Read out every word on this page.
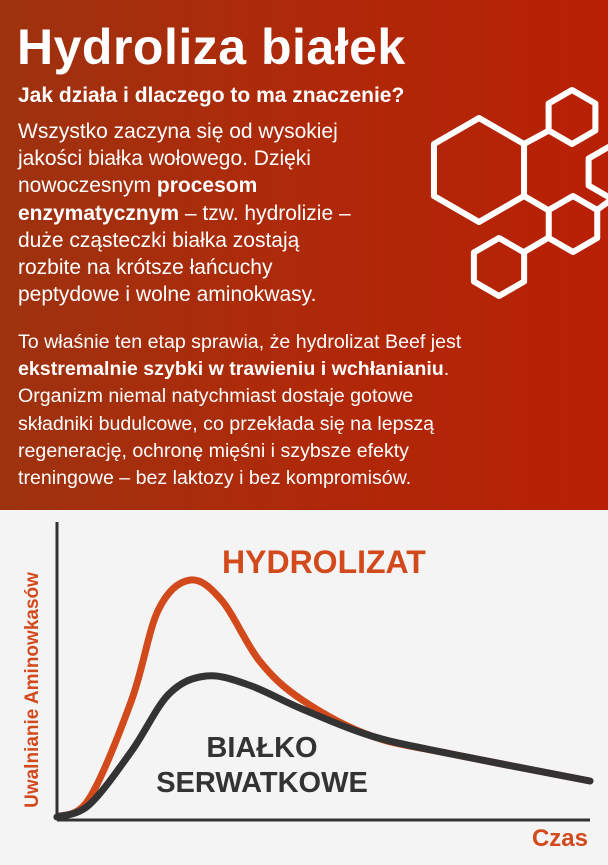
Hydroliza białek
Jak działa i dlaczego to ma znaczenie?
Wszystko zaczyna się od wysokiej
jakości białka wołowego. Dzięki
nowoczesnym procesom
enzymatycznym – tzw. hydrolizie –
duże cząsteczki białka zostają
rozbite na krótsze łańcuchy
peptydowe i wolne aminokwasy.
To właśnie ten etap sprawia, że hydrolizat Beef jest
ekstremalnie szybki w trawieniu i wchłanianiu.
Organizm niemal natychmiast dostaje gotowe
składniki budulcowe, co przekłada się na lepszą
regenerację, ochronę mięśni i szybsze efekty
treningowe – bez laktozy i bez kompromisów.
HYDROLIZAT
BIAŁKO
SERWATKOWE
Czas
Uwalnianie Aminowkasów
